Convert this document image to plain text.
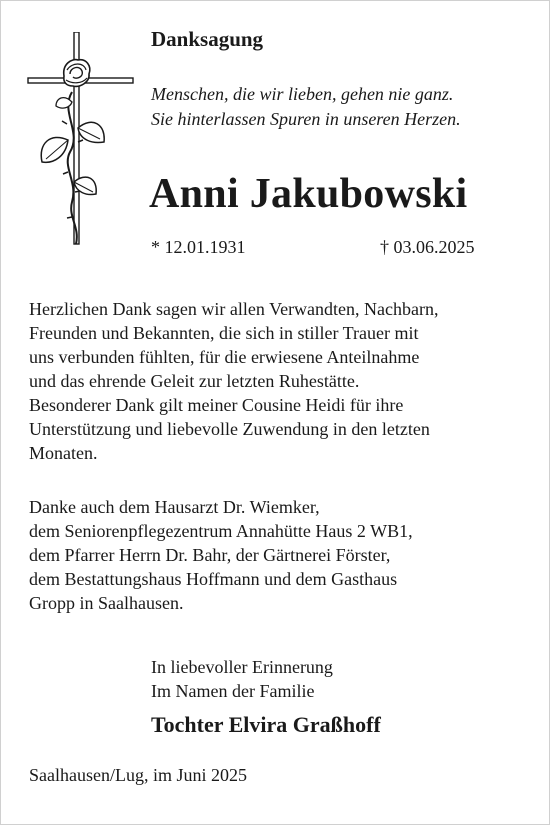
Danksagung
Menschen, die wir lieben, gehen nie ganz.
Sie hinterlassen Spuren in unseren Herzen.
Anni Jakubowski
* 12.01.1931	† 03.06.2025
Herzlichen Dank sagen wir allen Verwandten, Nachbarn,
Freunden und Bekannten, die sich in stiller Trauer mit
uns verbunden fühlten, für die erwiesene Anteilnahme
und das ehrende Geleit zur letzten Ruhestätte.
Besonderer Dank gilt meiner Cousine Heidi für ihre
Unterstützung und liebevolle Zuwendung in den letzten
Monaten.
Danke auch dem Hausarzt Dr. Wiemker,
dem Seniorenpflegezentrum Annahütte Haus 2 WB1,
dem Pfarrer Herrn Dr. Bahr, der Gärtnerei Förster,
dem Bestattungshaus Hoffmann und dem Gasthaus
Gropp in Saalhausen.
In liebevoller Erinnerung
Im Namen der Familie
Tochter Elvira Graßhoff
Saalhausen/Lug, im Juni 2025
